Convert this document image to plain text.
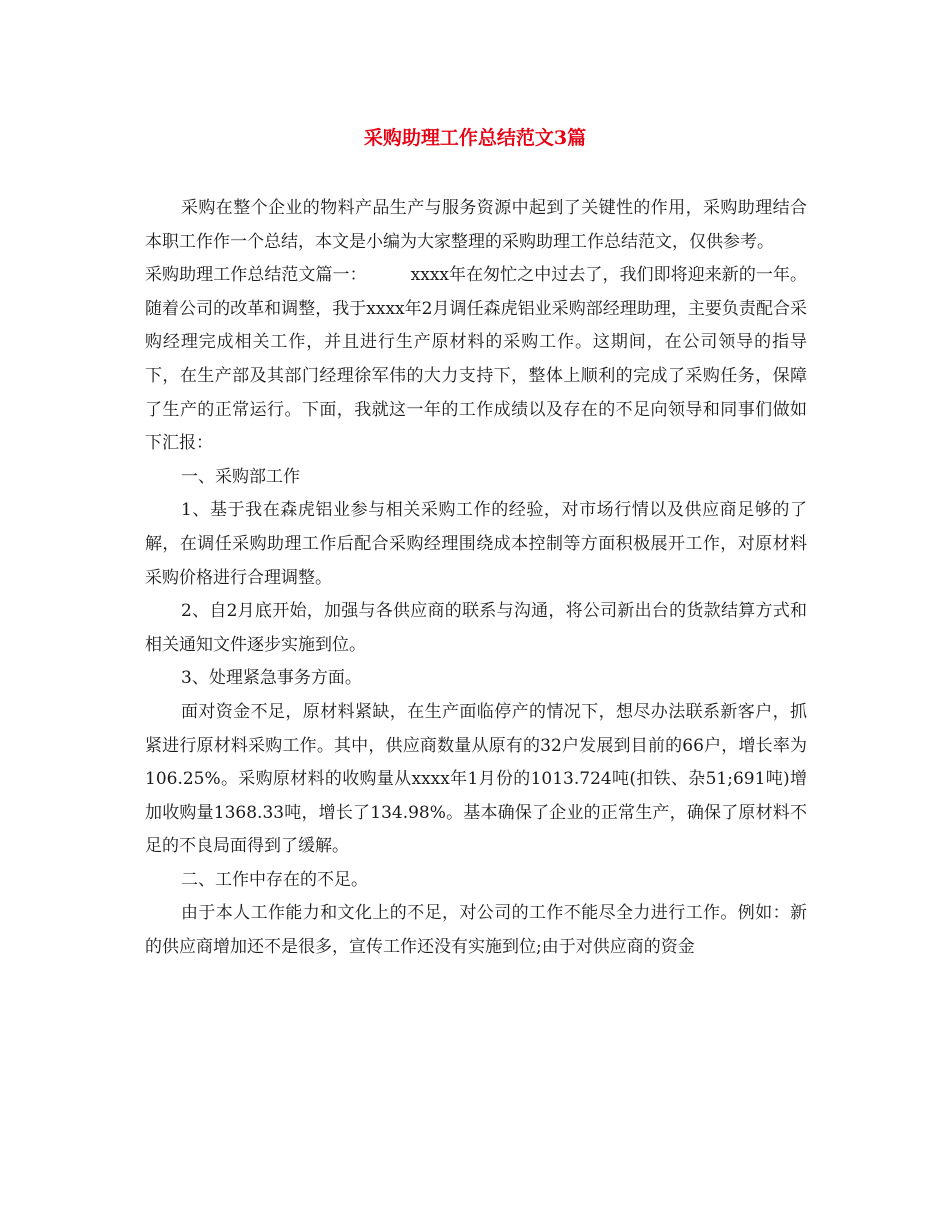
采购助理工作总结范文3篇

采购在整个企业的物料产品生产与服务资源中起到了关键性的作用，采购助理结合本职工作作一个总结，本文是小编为大家整理的采购助理工作总结范文，仅供参考。

采购助理工作总结范文篇一：	xxxx年在匆忙之中过去了，我们即将迎来新的一年。随着公司的改革和调整，我于xxxx年2月调任森虎铝业采购部经理助理，主要负责配合采购经理完成相关工作，并且进行生产原材料的采购工作。这期间，在公司领导的指导下，在生产部及其部门经理徐军伟的大力支持下，整体上顺利的完成了采购任务，保障了生产的正常运行。下面，我就这一年的工作成绩以及存在的不足向领导和同事们做如下汇报：

一、采购部工作

1、基于我在森虎铝业参与相关采购工作的经验，对市场行情以及供应商足够的了解，在调任采购助理工作后配合采购经理围绕成本控制等方面积极展开工作，对原材料采购价格进行合理调整。

2、自2月底开始，加强与各供应商的联系与沟通，将公司新出台的货款结算方式和相关通知文件逐步实施到位。

3、处理紧急事务方面。

面对资金不足，原材料紧缺，在生产面临停产的情况下，想尽办法联系新客户，抓紧进行原材料采购工作。其中，供应商数量从原有的32户发展到目前的66户，增长率为106.25%。采购原材料的收购量从xxxx年1月份的1013.724吨(扣铁、杂51;691吨)增加收购量1368.33吨，增长了134.98%。基本确保了企业的正常生产，确保了原材料不足的不良局面得到了缓解。

二、工作中存在的不足。

由于本人工作能力和文化上的不足，对公司的工作不能尽全力进行工作。例如：新的供应商增加还不是很多，宣传工作还没有实施到位;由于对供应商的资金
